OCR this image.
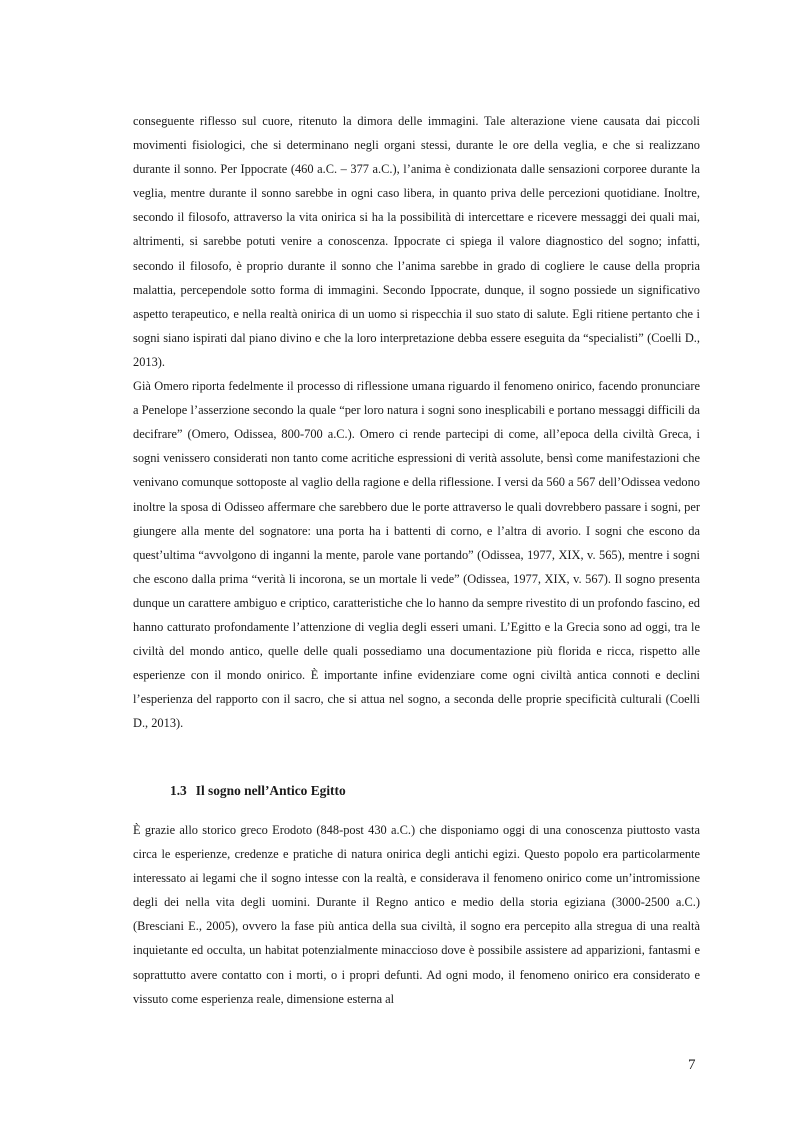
conseguente riflesso sul cuore, ritenuto la dimora delle immagini. Tale alterazione viene causata dai piccoli movimenti fisiologici, che si determinano negli organi stessi, durante le ore della veglia, e che si realizzano durante il sonno. Per Ippocrate (460 a.C. – 377 a.C.), l’anima è condizionata dalle sensazioni corporee durante la veglia, mentre durante il sonno sarebbe in ogni caso libera, in quanto priva delle percezioni quotidiane. Inoltre, secondo il filosofo, attraverso la vita onirica si ha la possibilità di intercettare e ricevere messaggi dei quali mai, altrimenti, si sarebbe potuti venire a conoscenza. Ippocrate ci spiega il valore diagnostico del sogno; infatti, secondo il filosofo, è proprio durante il sonno che l’anima sarebbe in grado di cogliere le cause della propria malattia, percependole sotto forma di immagini. Secondo Ippocrate, dunque, il sogno possiede un significativo aspetto terapeutico, e nella realtà onirica di un uomo si rispecchia il suo stato di salute. Egli ritiene pertanto che i sogni siano ispirati dal piano divino e che la loro interpretazione debba essere eseguita da “specialisti” (Coelli D., 2013).

Già Omero riporta fedelmente il processo di riflessione umana riguardo il fenomeno onirico, facendo pronunciare a Penelope l’asserzione secondo la quale “per loro natura i sogni sono inesplicabili e portano messaggi difficili da decifrare” (Omero, Odissea, 800-700 a.C.). Omero ci rende partecipi di come, all’epoca della civiltà Greca, i sogni venissero considerati non tanto come acritiche espressioni di verità assolute, bensì come manifestazioni che venivano comunque sottoposte al vaglio della ragione e della riflessione. I versi da 560 a 567 dell’Odissea vedono inoltre la sposa di Odisseo affermare che sarebbero due le porte attraverso le quali dovrebbero passare i sogni, per giungere alla mente del sognatore: una porta ha i battenti di corno, e l’altra di avorio. I sogni che escono da quest’ultima “avvolgono di inganni la mente, parole vane portando” (Odissea, 1977, XIX, v. 565), mentre i sogni che escono dalla prima “verità li incorona, se un mortale li vede” (Odissea, 1977, XIX, v. 567). Il sogno presenta dunque un carattere ambiguo e criptico, caratteristiche che lo hanno da sempre rivestito di un profondo fascino, ed hanno catturato profondamente l’attenzione di veglia degli esseri umani. L’Egitto e la Grecia sono ad oggi, tra le civiltà del mondo antico, quelle delle quali possediamo una documentazione più florida e ricca, rispetto alle esperienze con il mondo onirico. È importante infine evidenziare come ogni civiltà antica connoti e declini l’esperienza del rapporto con il sacro, che si attua nel sogno, a seconda delle proprie specificità culturali (Coelli D., 2013).

1.3 Il sogno nell’Antico Egitto

È grazie allo storico greco Erodoto (848-post 430 a.C.) che disponiamo oggi di una conoscenza piuttosto vasta circa le esperienze, credenze e pratiche di natura onirica degli antichi egizi. Questo popolo era particolarmente interessato ai legami che il sogno intesse con la realtà, e considerava il fenomeno onirico come un’intromissione degli dei nella vita degli uomini. Durante il Regno antico e medio della storia egiziana (3000-2500 a.C.) (Bresciani E., 2005), ovvero la fase più antica della sua civiltà, il sogno era percepito alla stregua di una realtà inquietante ed occulta, un habitat potenzialmente minaccioso dove è possibile assistere ad apparizioni, fantasmi e soprattutto avere contatto con i morti, o i propri defunti. Ad ogni modo, il fenomeno onirico era considerato e vissuto come esperienza reale, dimensione esterna al

7
